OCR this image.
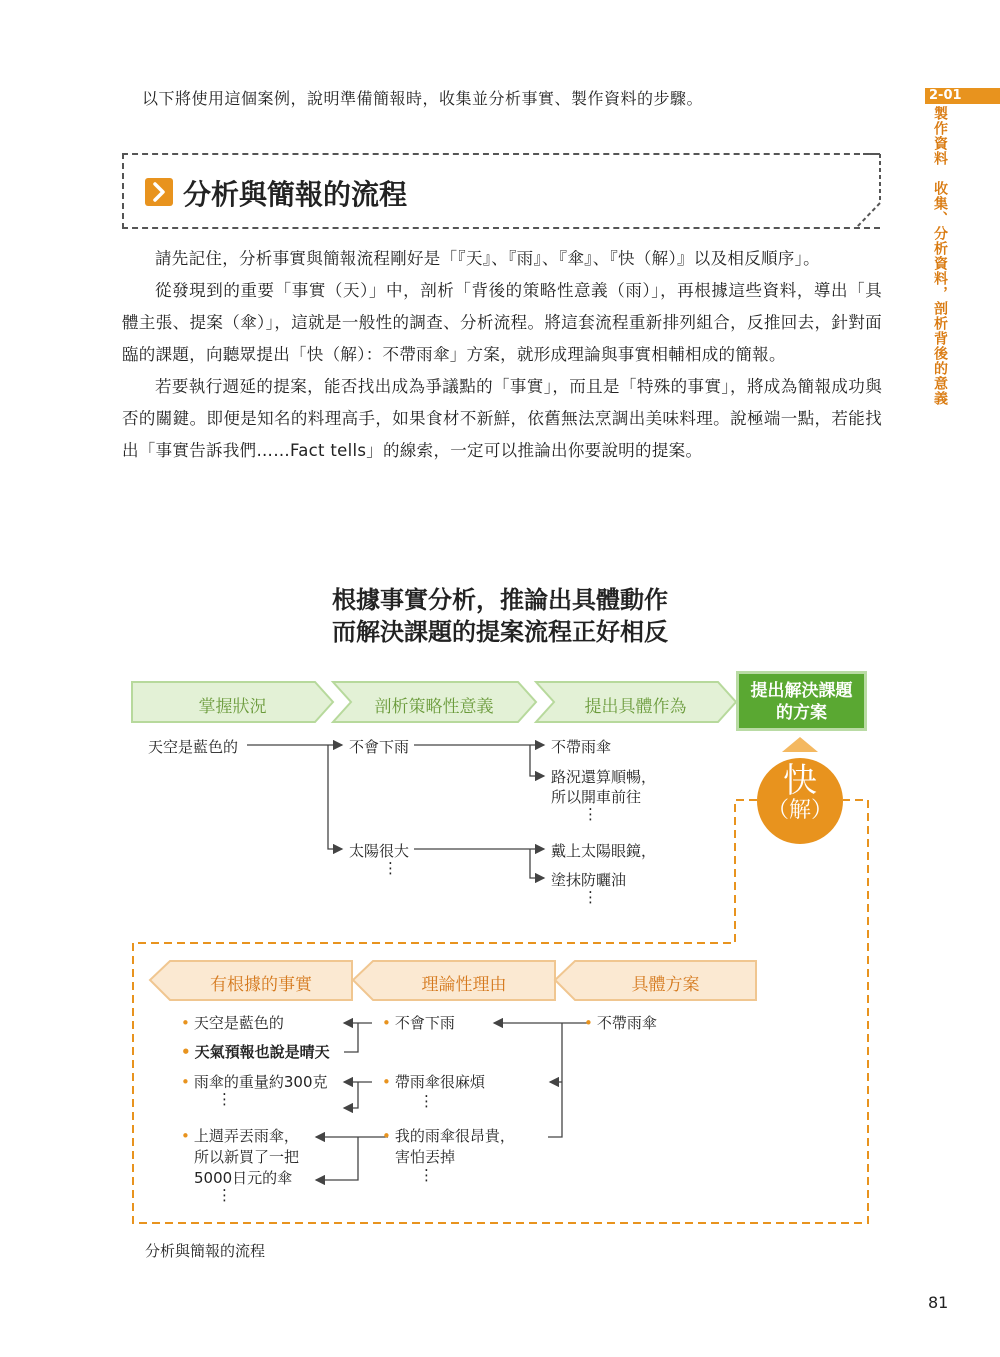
2-01
製作資料　收集、分析資料，剖析背後的意義
以下將使用這個案例，說明準備簡報時，收集並分析事實、製作資料的步驟。
分析與簡報的流程

請先記住，分析事實與簡報流程剛好是「『天』、『雨』、『傘』、『快（解）』以及相反順序」。

從發現到的重要「事實（天）」中，剖析「背後的策略性意義（雨）」，再根據這些資料，導出「具體主張、提案（傘）」，這就是一般性的調查、分析流程。將這套流程重新排列組合，反推回去，針對面臨的課題，向聽眾提出「快（解）：不帶雨傘」方案，就形成理論與事實相輔相成的簡報。

若要執行週延的提案，能否找出成為爭議點的「事實」，而且是「特殊的事實」，將成為簡報成功與否的關鍵。即便是知名的料理高手，如果食材不新鮮，依舊無法烹調出美味料理。說極端一點，若能找出「事實告訴我們……Fact tells」的線索，一定可以推論出你要說明的提案。

根據事實分析，推論出具體動作
而解決課題的提案流程正好相反
掌握狀況	剖析策略性意義	提出具體作為
提出解決課題
的方案
快
（解）
天空是藍色的	不會下雨	不帶雨傘
路況還算順暢，
所以開車前往
⋮
太陽很大
⋮
戴上太陽眼鏡，
塗抹防曬油
⋮
有根據的事實	理論性理由	具體方案
• 天空是藍色的
• 天氣預報也說是晴天
• 雨傘的重量約300克
⋮
• 上週弄丟雨傘，
所以新買了一把
5000日元的傘
⋮
• 不會下雨
• 帶雨傘很麻煩
⋮
• 我的雨傘很昂貴，
害怕丟掉
⋮
• 不帶雨傘
分析與簡報的流程
81
